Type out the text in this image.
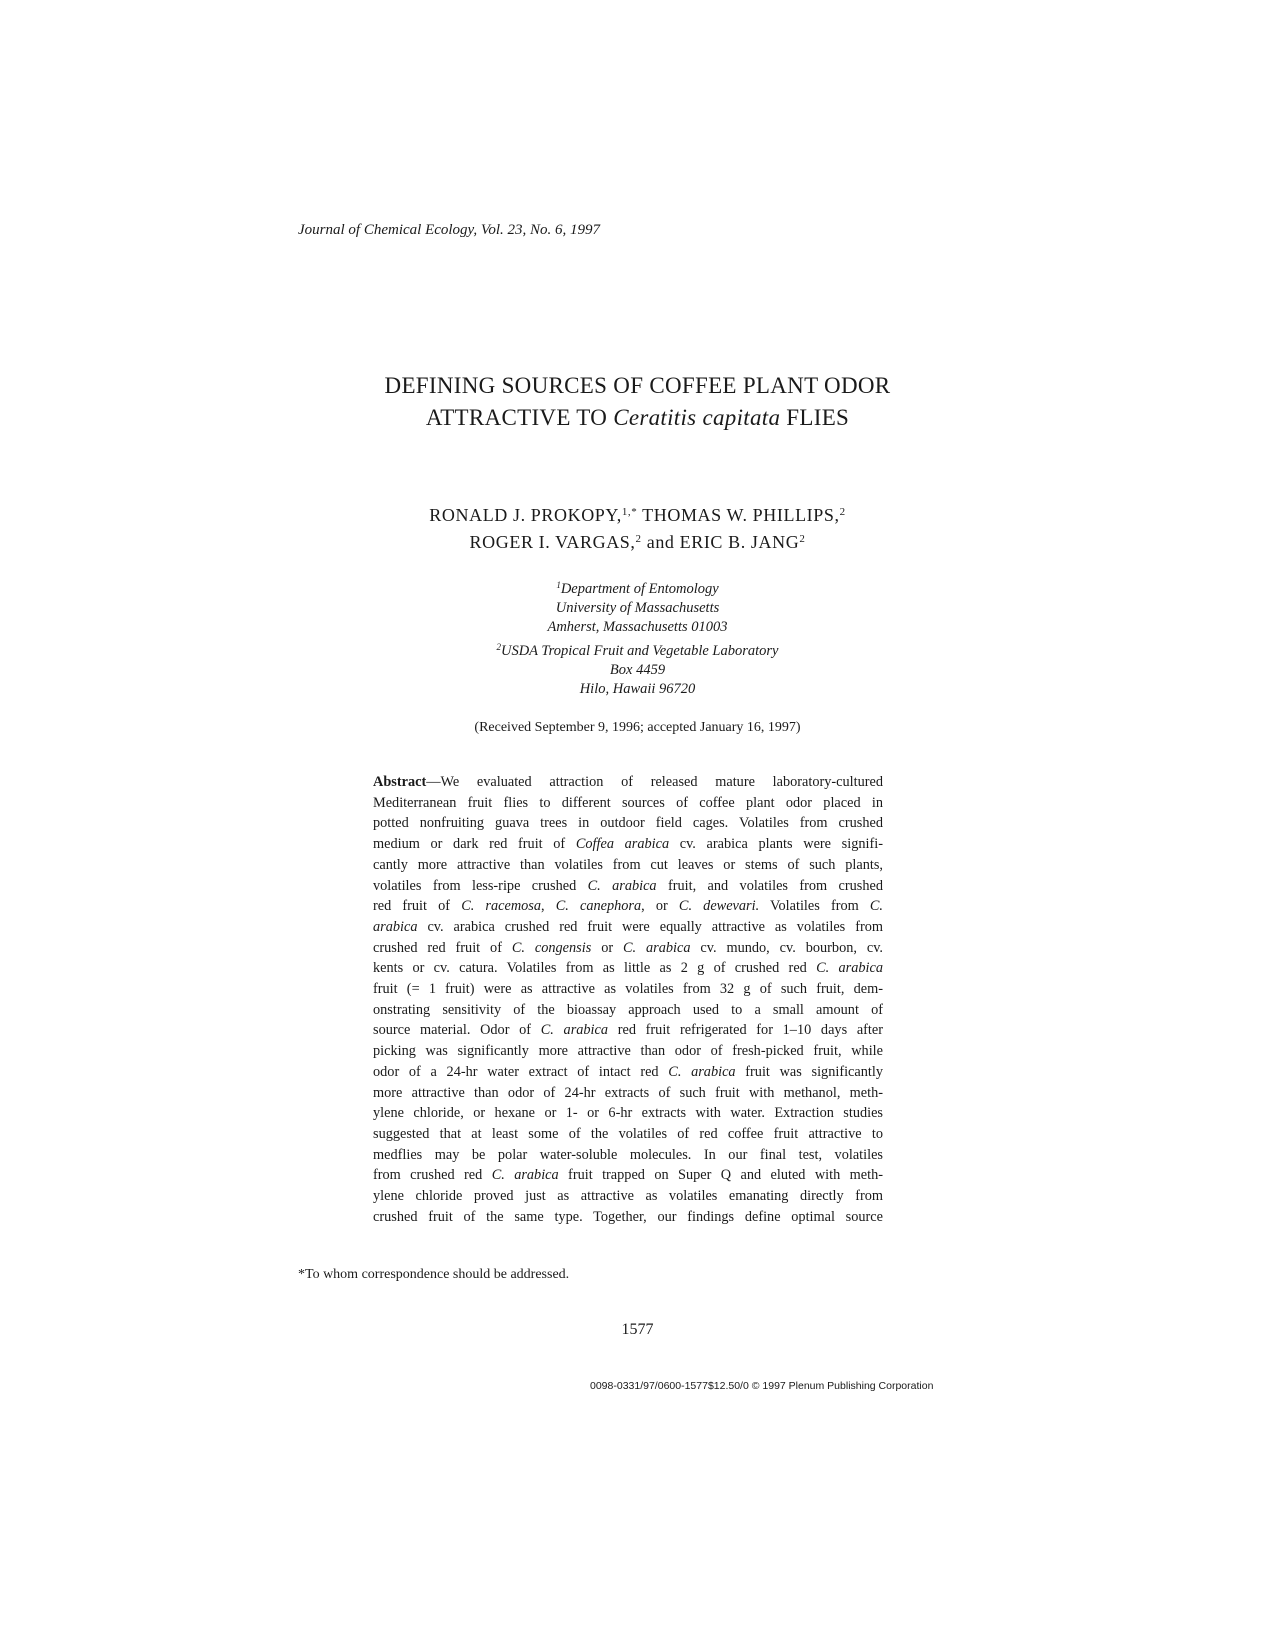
Journal of Chemical Ecology, Vol. 23, No. 6, 1997
DEFINING SOURCES OF COFFEE PLANT ODOR
ATTRACTIVE TO Ceratitis capitata FLIES
RONALD J. PROKOPY,$^{1,*}$ THOMAS W. PHILLIPS,$^2$
ROGER I. VARGAS,$^2$ and ERIC B. JANG$^2$
$^1$Department of Entomology
University of Massachusetts
Amherst, Massachusetts 01003
$^2$USDA Tropical Fruit and Vegetable Laboratory
Box 4459
Hilo, Hawaii 96720
(Received September 9, 1996; accepted January 16, 1997)
Abstract—We evaluated attraction of released mature laboratory-cultured
Mediterranean fruit flies to different sources of coffee plant odor placed in
potted nonfruiting guava trees in outdoor field cages. Volatiles from crushed
medium or dark red fruit of Coffea arabica cv. arabica plants were signifi-
cantly more attractive than volatiles from cut leaves or stems of such plants,
volatiles from less-ripe crushed C. arabica fruit, and volatiles from crushed
red fruit of C. racemosa, C. canephora, or C. dewevari. Volatiles from C.
arabica cv. arabica crushed red fruit were equally attractive as volatiles from
crushed red fruit of C. congensis or C. arabica cv. mundo, cv. bourbon, cv.
kents or cv. catura. Volatiles from as little as 2 g of crushed red C. arabica
fruit (= 1 fruit) were as attractive as volatiles from 32 g of such fruit, dem-
onstrating sensitivity of the bioassay approach used to a small amount of
source material. Odor of C. arabica red fruit refrigerated for 1–10 days after
picking was significantly more attractive than odor of fresh-picked fruit, while
odor of a 24-hr water extract of intact red C. arabica fruit was significantly
more attractive than odor of 24-hr extracts of such fruit with methanol, meth-
ylene chloride, or hexane or 1- or 6-hr extracts with water. Extraction studies
suggested that at least some of the volatiles of red coffee fruit attractive to
medflies may be polar water-soluble molecules. In our final test, volatiles
from crushed red C. arabica fruit trapped on Super Q and eluted with meth-
ylene chloride proved just as attractive as volatiles emanating directly from
crushed fruit of the same type. Together, our findings define optimal source
*To whom correspondence should be addressed.
1577
0098-0331/97/0600-1577$12.50/0 © 1997 Plenum Publishing Corporation
